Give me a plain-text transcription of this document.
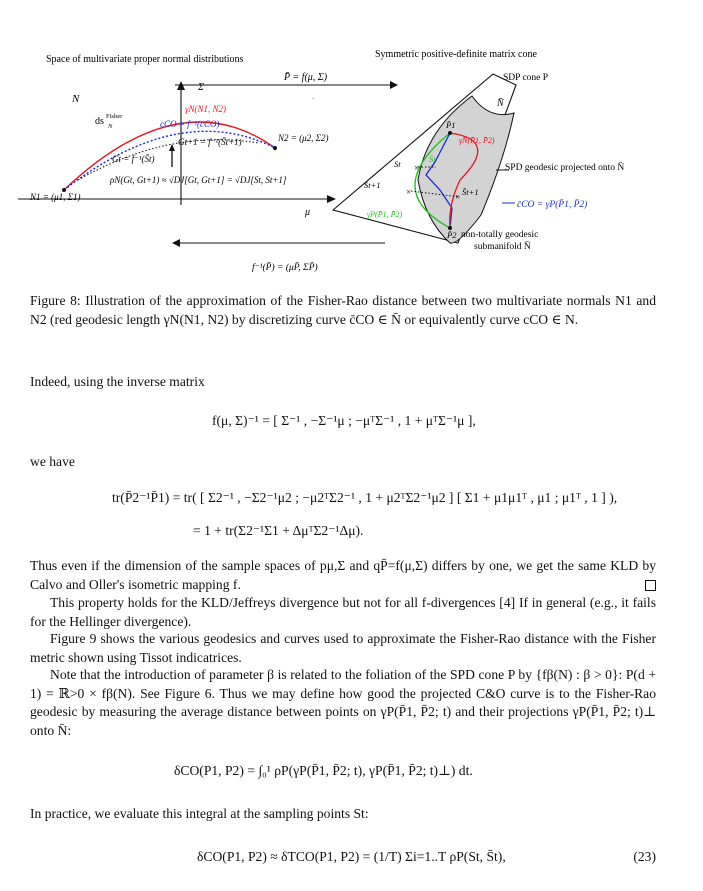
Space of multivariate proper normal distributions	Symmetric positive-definite matrix cone
P̄ = f(μ, Σ)
Σ
μ
N
ds Fisher
N
γN(N1, N2)
cCO = f⁻¹(c̄CO)
Gt+1 = f⁻¹(S̄t+1)
Gt = f⁻¹(S̄t)
N2 = (μ2, Σ2)
N1 = (μ1, Σ1)
ρN(Gt, Gt+1) ≈ √DJ[Gt, Gt+1] = √DJ[St, St+1]
f⁻¹(P̄) = (μP̄, ΣP̄)
SDP cone P
N̄
×
×	×
P̄1
P̄2
St
St+1
S̄t
S̄t+1
γN̄(P̄1, P̄2)
γP(P̄1, P̄2)
SPD geodesic projected onto N̄
c̄CO = γP(P̄1, P̄2)
non-totally geodesic
submanifold N̄
Figure 8: Illustration of the approximation of the Fisher-Rao distance between two multivariate normals N1 and N2 (red geodesic length γN(N1, N2) by discretizing curve c̄CO ∈ N̄ or equivalently curve cCO ∈ N.
Indeed, using the inverse matrix
f(μ, Σ)⁻¹ = [ Σ⁻¹ , −Σ⁻¹μ ; −μᵀΣ⁻¹ , 1 + μᵀΣ⁻¹μ ],
we have
tr(P̄2⁻¹P̄1) = tr( [ Σ2⁻¹ , −Σ2⁻¹μ2 ; −μ2ᵀΣ2⁻¹ , 1 + μ2ᵀΣ2⁻¹μ2 ] [ Σ1 + μ1μ1ᵀ , μ1 ; μ1ᵀ , 1 ] ),
= 1 + tr(Σ2⁻¹Σ1 + ΔμᵀΣ2⁻¹Δμ).
Thus even if the dimension of the sample spaces of pμ,Σ and qP̄=f(μ,Σ) differs by one, we get the same KLD by Calvo and Oller's isometric mapping f.
This property holds for the KLD/Jeffreys divergence but not for all f-divergences [4] If in general (e.g., it fails for the Hellinger divergence).
Figure 9 shows the various geodesics and curves used to approximate the Fisher-Rao distance with the Fisher metric shown using Tissot indicatrices.
Note that the introduction of parameter β is related to the foliation of the SPD cone P by {fβ(N) : β > 0}: P(d + 1) = ℝ>0 × fβ(N). See Figure 6. Thus we may define how good the projected C&O curve is to the Fisher-Rao geodesic by measuring the average distance between points on γP(P̄1, P̄2; t) and their projections γP(P̄1, P̄2; t)⊥ onto N̄:
δCO(P1, P2) = ∫₀¹ ρP(γP(P̄1, P̄2; t), γP(P̄1, P̄2; t)⊥) dt.
In practice, we evaluate this integral at the sampling points St:
δCO(P1, P2) ≈ δTCO(P1, P2) = (1/T) Σi=1..T ρP(St, S̄t),	(23)
